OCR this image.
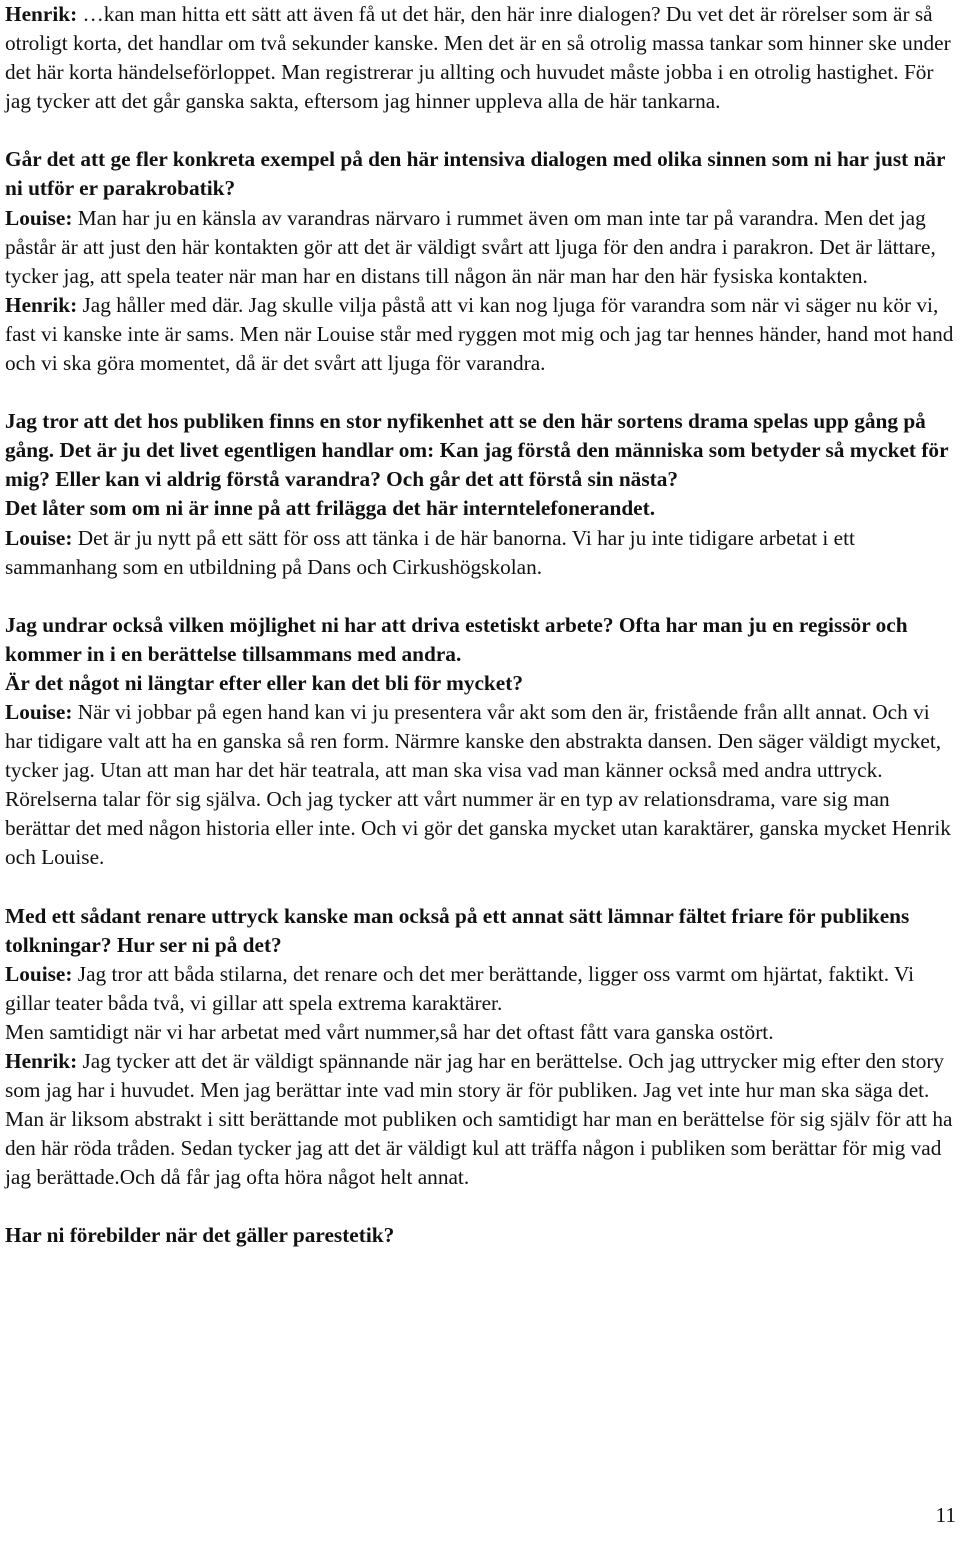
Henrik: …kan man hitta ett sätt att även få ut det här, den här inre dialogen? Du vet det är rörelser som är så otroligt korta, det handlar om två sekunder kanske. Men det är en så otrolig massa tankar som hinner ske under det här korta händelseförloppet. Man registrerar ju allting och huvudet måste jobba i en otrolig hastighet. För jag tycker att det går ganska sakta, eftersom jag hinner uppleva alla de här tankarna.

Går det att ge fler konkreta exempel på den här intensiva dialogen med olika sinnen som ni har just när ni utför er parakrobatik?

Louise: Man har ju en känsla av varandras närvaro i rummet även om man inte tar på varandra. Men det jag påstår är att just den här kontakten gör att det är väldigt svårt att ljuga för den andra i parakron. Det är lättare, tycker jag, att spela teater när man har en distans till någon än när man har den här fysiska kontakten.

Henrik: Jag håller med där. Jag skulle vilja påstå att vi kan nog ljuga för varandra som när vi säger nu kör vi, fast vi kanske inte är sams. Men när Louise står med ryggen mot mig och jag tar hennes händer, hand mot hand och vi ska göra momentet, då är det svårt att ljuga för varandra.

Jag tror att det hos publiken finns en stor nyfikenhet att se den här sortens drama spelas upp gång på gång. Det är ju det livet egentligen handlar om: Kan jag förstå den människa som betyder så mycket för mig? Eller kan vi aldrig förstå varandra? Och går det att förstå sin nästa?

Det låter som om ni är inne på att frilägga det här interntelefonerandet.

Louise: Det är ju nytt på ett sätt för oss att tänka i de här banorna. Vi har ju inte tidigare arbetat i ett sammanhang som en utbildning på Dans och Cirkushögskolan.

Jag undrar också vilken möjlighet ni har att driva estetiskt arbete? Ofta har man ju en regissör och kommer in i en berättelse tillsammans med andra.

Är det något ni längtar efter eller kan det bli för mycket?

Louise: När vi jobbar på egen hand kan vi ju presentera vår akt som den är, fristående från allt annat. Och vi har tidigare valt att ha en ganska så ren form. Närmre kanske den abstrakta dansen. Den säger väldigt mycket, tycker jag. Utan att man har det här teatrala, att man ska visa vad man känner också med andra uttryck. Rörelserna talar för sig själva. Och jag tycker att vårt nummer är en typ av relationsdrama, vare sig man berättar det med någon historia eller inte. Och vi gör det ganska mycket utan karaktärer, ganska mycket Henrik och Louise.

Med ett sådant renare uttryck kanske man också på ett annat sätt lämnar fältet friare för publikens tolkningar? Hur ser ni på det?

Louise: Jag tror att båda stilarna, det renare och det mer berättande, ligger oss varmt om hjärtat, faktikt. Vi gillar teater båda två, vi gillar att spela extrema karaktärer.

Men samtidigt när vi har arbetat med vårt nummer,så har det oftast fått vara ganska ostört.

Henrik: Jag tycker att det är väldigt spännande när jag har en berättelse. Och jag uttrycker mig efter den story som jag har i huvudet. Men jag berättar inte vad min story är för publiken. Jag vet inte hur man ska säga det. Man är liksom abstrakt i sitt berättande mot publiken och samtidigt har man en berättelse för sig själv för att ha den här röda tråden. Sedan tycker jag att det är väldigt kul att träffa någon i publiken som berättar för mig vad jag berättade.Och då får jag ofta höra något helt annat.

Har ni förebilder när det gäller parestetik?

11
